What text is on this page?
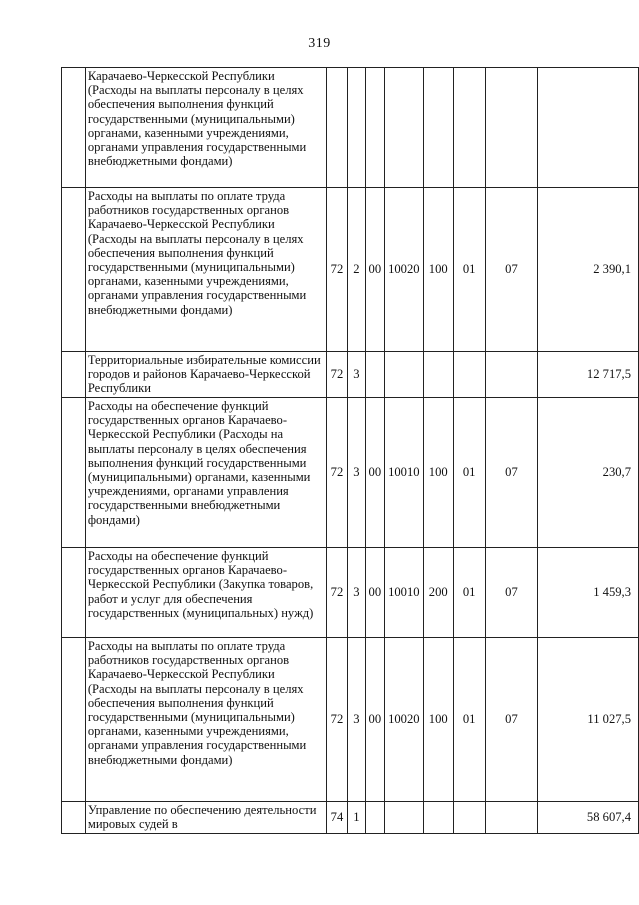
319
	Карачаево-Черкесской Республики (Расходы на выплаты персоналу в целях обеспечения выполнения функций государственными (муниципальными) органами, казенными учреждениями, органами управления государственными внебюджетными фондами)								
	Расходы на выплаты по оплате труда работников государственных органов Карачаево-Черкесской Республики (Расходы на выплаты персоналу в целях обеспечения выполнения функций государственными (муниципальными) органами, казенными учреждениями, органами управления государственными внебюджетными фондами)	72	2	00	10020	100	01	07	2 390,1
	Территориальные избирательные комиссии городов и районов Карачаево-Черкесской Республики	72	3						12 717,5
	Расходы на обеспечение функций государственных органов Карачаево-Черкесской Республики (Расходы на выплаты персоналу в целях обеспечения выполнения функций государственными (муниципальными) органами, казенными учреждениями, органами управления государственными внебюджетными фондами)	72	3	00	10010	100	01	07	230,7
	Расходы на обеспечение функций государственных органов Карачаево-Черкесской Республики (Закупка товаров, работ и услуг для обеспечения государственных (муниципальных) нужд)	72	3	00	10010	200	01	07	1 459,3
	Расходы на выплаты по оплате труда работников государственных органов Карачаево-Черкесской Республики (Расходы на выплаты персоналу в целях обеспечения выполнения функций государственными (муниципальными) органами, казенными учреждениями, органами управления государственными внебюджетными фондами)	72	3	00	10020	100	01	07	11 027,5
	Управление по обеспечению деятельности мировых судей в	74	1						58 607,4
